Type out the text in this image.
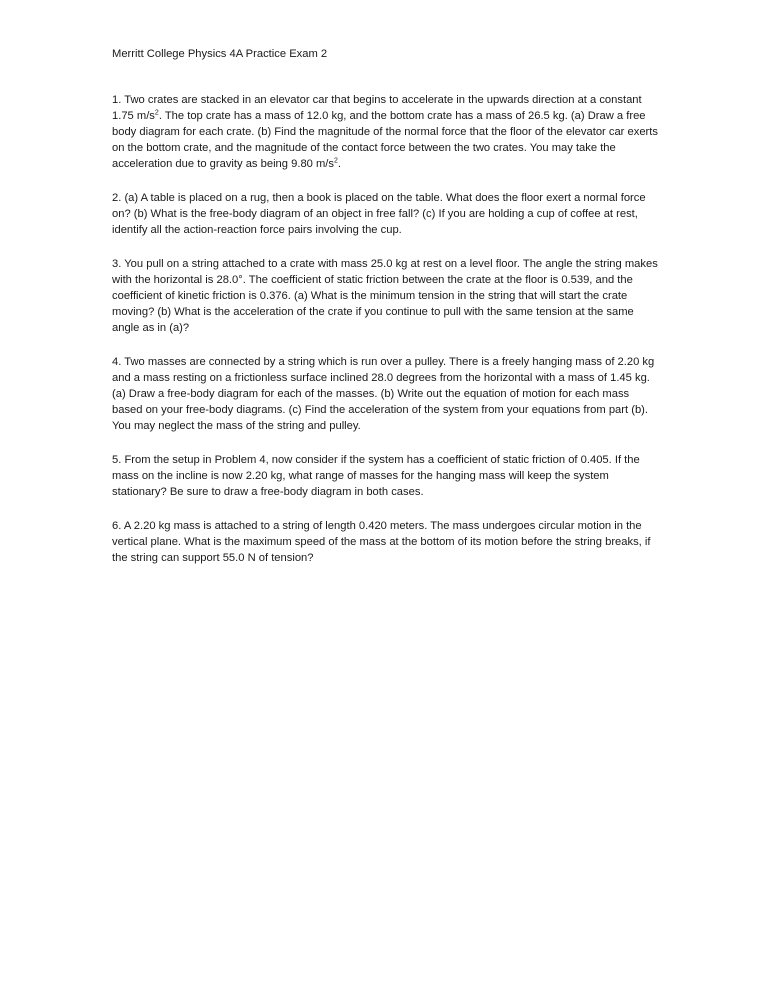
Merritt College Physics 4A Practice Exam 2

1. Two crates are stacked in an elevator car that begins to accelerate in the upwards direction at a constant 1.75 $m/s^2$. The top crate has a mass of 12.0 kg, and the bottom crate has a mass of 26.5 kg. (a) Draw a free body diagram for each crate. (b) Find the magnitude of the normal force that the floor of the elevator car exerts on the bottom crate, and the magnitude of the contact force between the two crates. You may take the acceleration due to gravity as being 9.80 $m/s^2$.

2. (a) A table is placed on a rug, then a book is placed on the table. What does the floor exert a normal force on? (b) What is the free-body diagram of an object in free fall? (c) If you are holding a cup of coffee at rest, identify all the action-reaction force pairs involving the cup.

3. You pull on a string attached to a crate with mass 25.0 kg at rest on a level floor. The angle the string makes with the horizontal is 28.0°. The coefficient of static friction between the crate at the floor is 0.539, and the coefficient of kinetic friction is 0.376. (a) What is the minimum tension in the string that will start the crate moving? (b) What is the acceleration of the crate if you continue to pull with the same tension at the same angle as in (a)?

4. Two masses are connected by a string which is run over a pulley. There is a freely hanging mass of 2.20 kg and a mass resting on a frictionless surface inclined 28.0 degrees from the horizontal with a mass of 1.45 kg. (a) Draw a free-body diagram for each of the masses. (b) Write out the equation of motion for each mass based on your free-body diagrams. (c) Find the acceleration of the system from your equations from part (b). You may neglect the mass of the string and pulley.

5. From the setup in Problem 4, now consider if the system has a coefficient of static friction of 0.405. If the mass on the incline is now 2.20 kg, what range of masses for the hanging mass will keep the system stationary? Be sure to draw a free-body diagram in both cases.

6. A 2.20 kg mass is attached to a string of length 0.420 meters. The mass undergoes circular motion in the vertical plane. What is the maximum speed of the mass at the bottom of its motion before the string breaks, if the string can support 55.0 N of tension?
